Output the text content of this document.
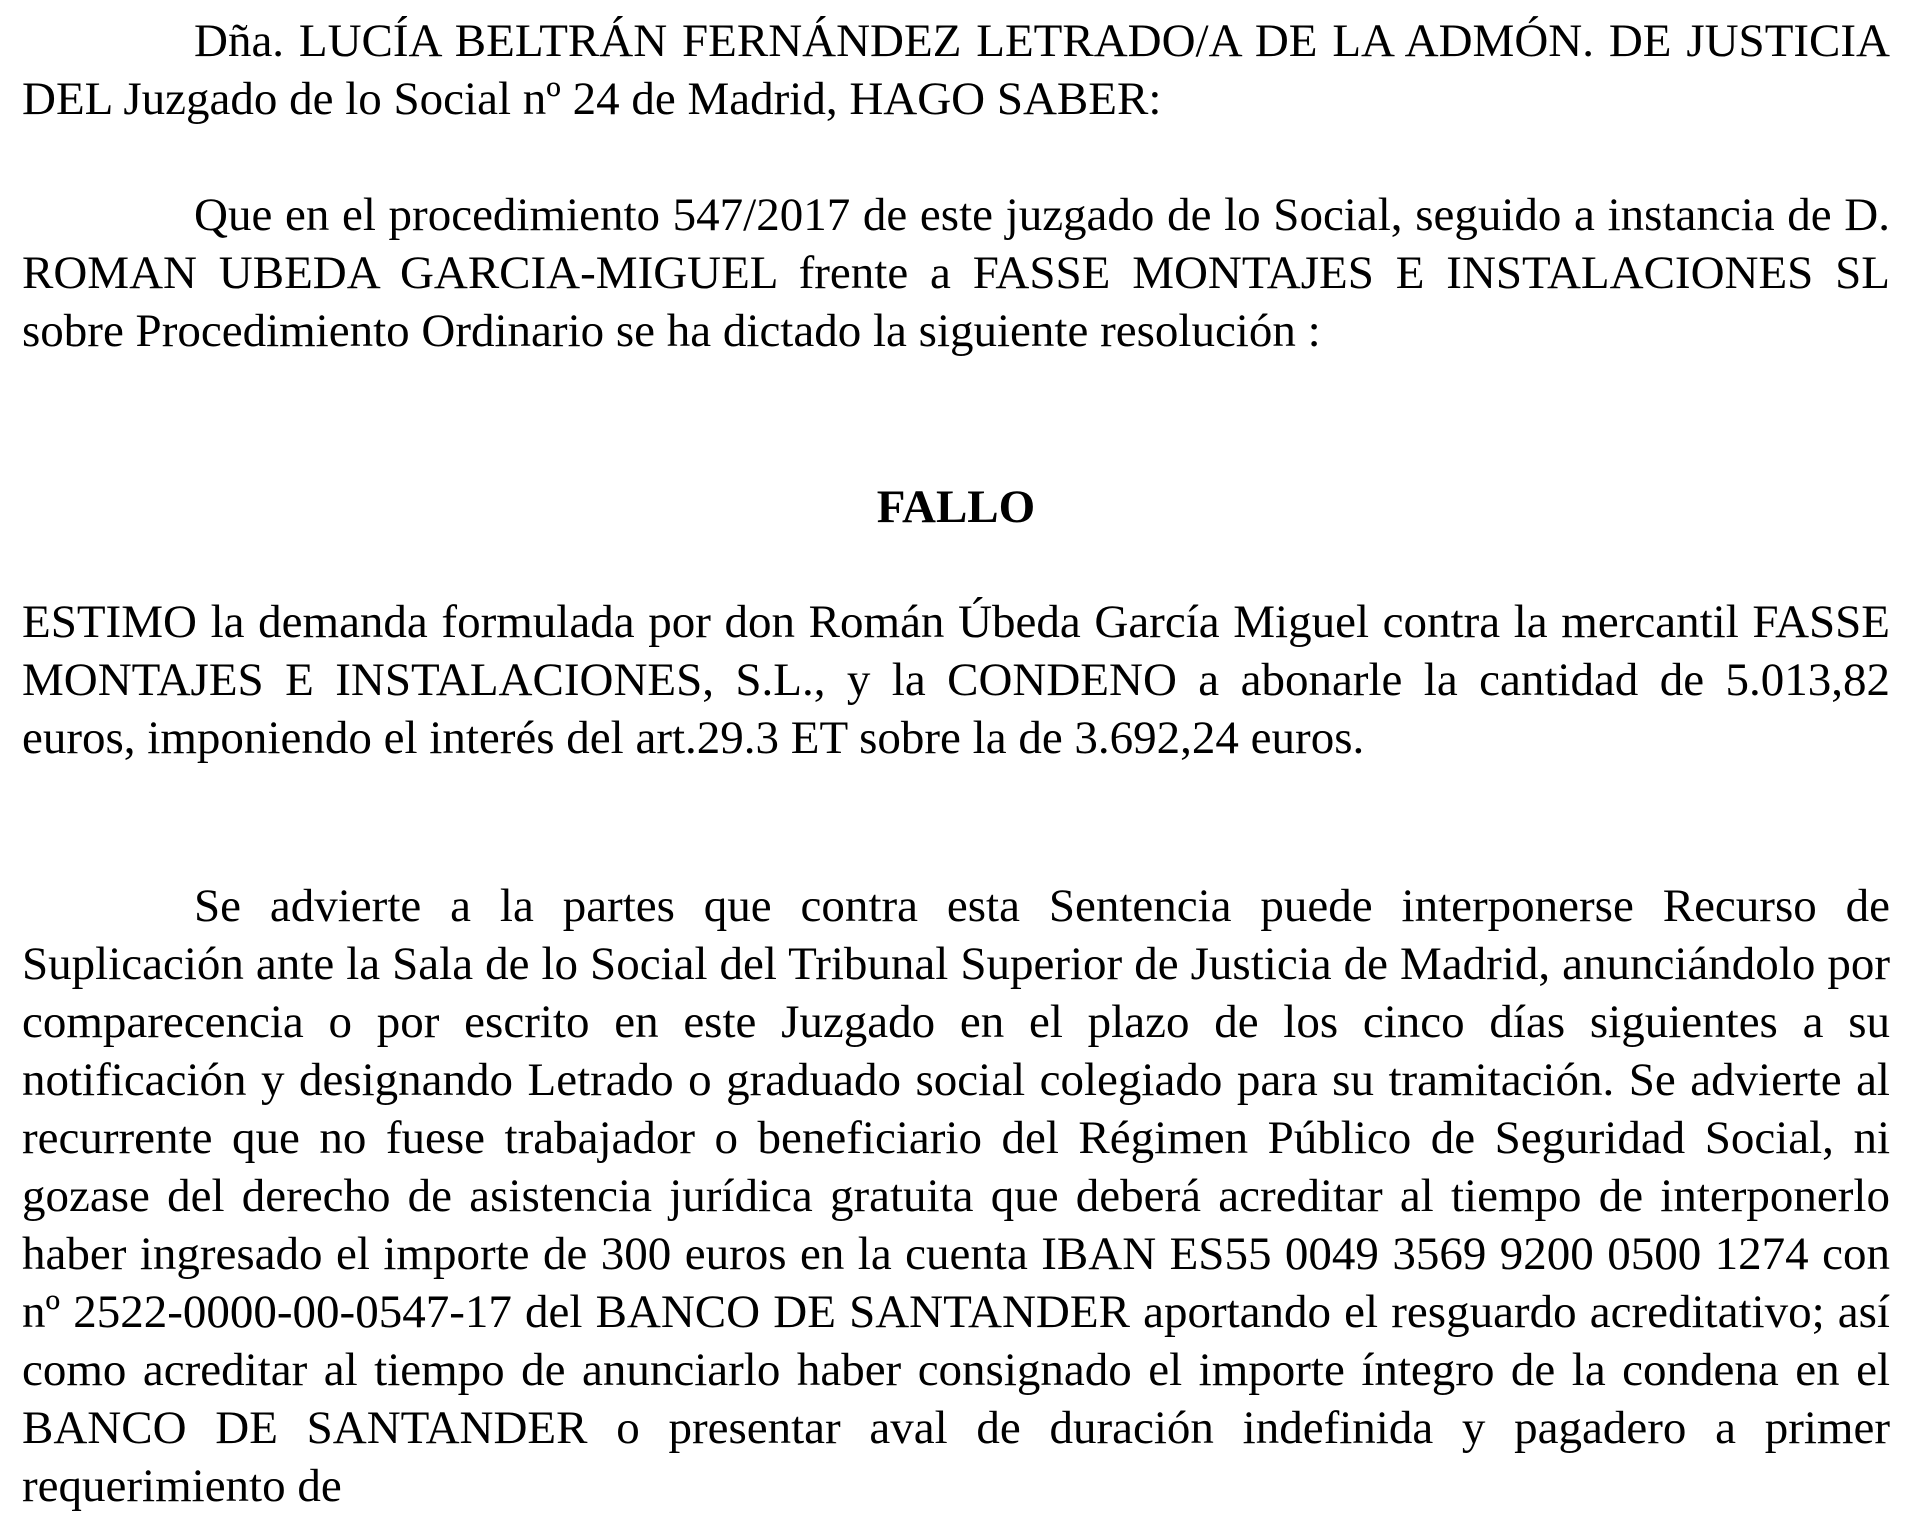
Dña. LUCÍA BELTRÁN FERNÁNDEZ LETRADO/A DE LA ADMÓN. DE JUSTICIA DEL Juzgado de lo Social nº 24 de Madrid, HAGO SABER:

Que en el procedimiento 547/2017 de este juzgado de lo Social, seguido a instancia de D. ROMAN UBEDA GARCIA-MIGUEL frente a FASSE MONTAJES E INSTALACIONES SL sobre Procedimiento Ordinario se ha dictado la siguiente resolución :

FALLO

ESTIMO la demanda formulada por don Román Úbeda García Miguel contra la mercantil FASSE MONTAJES E INSTALACIONES, S.L., y la CONDENO a abonarle la cantidad de 5.013,82 euros, imponiendo el interés del art.29.3 ET sobre la de 3.692,24 euros.

Se advierte a la partes que contra esta Sentencia puede interponerse Recurso de Suplicación ante la Sala de lo Social del Tribunal Superior de Justicia de Madrid, anunciándolo por comparecencia o por escrito en este Juzgado en el plazo de los cinco días siguientes a su notificación y designando Letrado o graduado social colegiado para su tramitación. Se advierte al recurrente que no fuese trabajador o beneficiario del Régimen Público de Seguridad Social, ni gozase del derecho de asistencia jurídica gratuita que deberá acreditar al tiempo de interponerlo haber ingresado el importe de 300 euros en la cuenta IBAN ES55 0049 3569 9200 0500 1274 con nº 2522-0000-00-0547-17 del BANCO DE SANTANDER aportando el resguardo acreditativo; así como acreditar al tiempo de anunciarlo haber consignado el importe íntegro de la condena en el BANCO DE SANTANDER o presentar aval de duración indefinida y pagadero a primer requerimiento de
